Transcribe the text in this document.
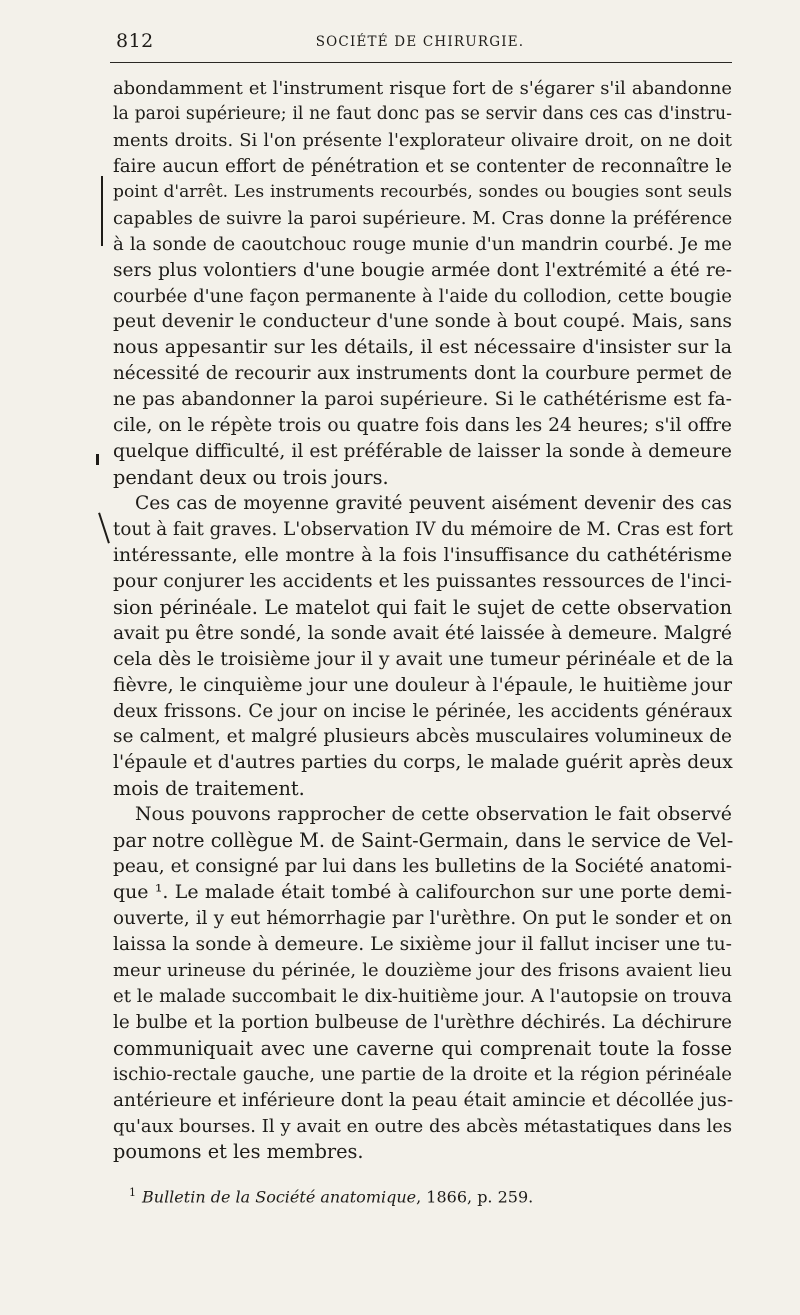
812	SOCIÉTÉ DE CHIRURGIE.
abondamment et l'instrument risque fort de s'égarer s'il abandonne
la paroi supérieure; il ne faut donc pas se servir dans ces cas d'instru-
ments droits. Si l'on présente l'explorateur olivaire droit, on ne doit
faire aucun effort de pénétration et se contenter de reconnaître le
point d'arrêt. Les instruments recourbés, sondes ou bougies sont seuls
capables de suivre la paroi supérieure. M. Cras donne la préférence
à la sonde de caoutchouc rouge munie d'un mandrin courbé. Je me
sers plus volontiers d'une bougie armée dont l'extrémité a été re-
courbée d'une façon permanente à l'aide du collodion, cette bougie
peut devenir le conducteur d'une sonde à bout coupé. Mais, sans
nous appesantir sur les détails, il est nécessaire d'insister sur la
nécessité de recourir aux instruments dont la courbure permet de
ne pas abandonner la paroi supérieure. Si le cathétérisme est fa-
cile, on le répète trois ou quatre fois dans les 24 heures; s'il offre
quelque difficulté, il est préférable de laisser la sonde à demeure
pendant deux ou trois jours.
Ces cas de moyenne gravité peuvent aisément devenir des cas
tout à fait graves. L'observation IV du mémoire de M. Cras est fort
intéressante, elle montre à la fois l'insuffisance du cathétérisme
pour conjurer les accidents et les puissantes ressources de l'inci-
sion périnéale. Le matelot qui fait le sujet de cette observation
avait pu être sondé, la sonde avait été laissée à demeure. Malgré
cela dès le troisième jour il y avait une tumeur périnéale et de la
fièvre, le cinquième jour une douleur à l'épaule, le huitième jour
deux frissons. Ce jour on incise le périnée, les accidents généraux
se calment, et malgré plusieurs abcès musculaires volumineux de
l'épaule et d'autres parties du corps, le malade guérit après deux
mois de traitement.
Nous pouvons rapprocher de cette observation le fait observé
par notre collègue M. de Saint-Germain, dans le service de Vel-
peau, et consigné par lui dans les bulletins de la Société anatomi-
que ¹. Le malade était tombé à califourchon sur une porte demi-
ouverte, il y eut hémorrhagie par l'urèthre. On put le sonder et on
laissa la sonde à demeure. Le sixième jour il fallut inciser une tu-
meur urineuse du périnée, le douzième jour des frisons avaient lieu
et le malade succombait le dix-huitième jour. A l'autopsie on trouva
le bulbe et la portion bulbeuse de l'urèthre déchirés. La déchirure
communiquait avec une caverne qui comprenait toute la fosse
ischio-rectale gauche, une partie de la droite et la région périnéale
antérieure et inférieure dont la peau était amincie et décollée jus-
qu'aux bourses. Il y avait en outre des abcès métastatiques dans les
poumons et les membres.
$^1$ Bulletin de la Société anatomique, 1866, p. 259.
